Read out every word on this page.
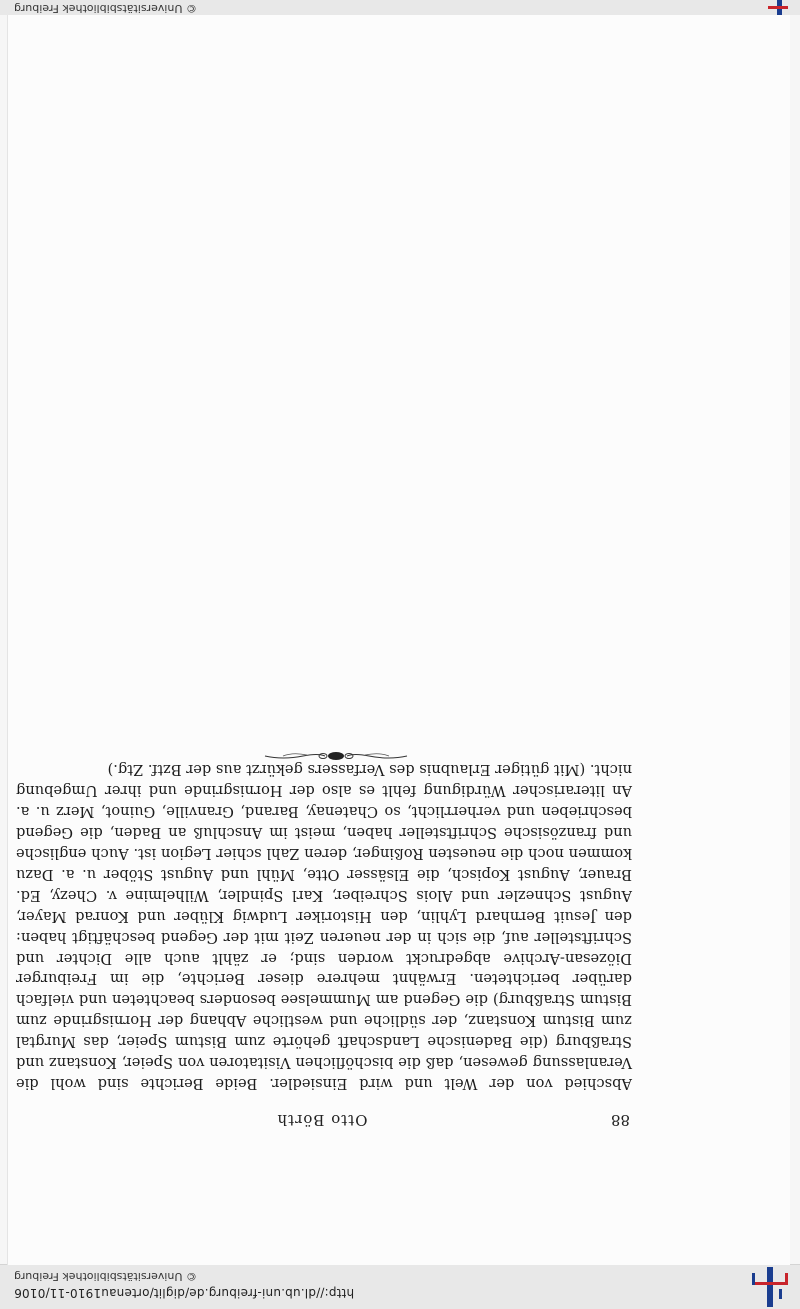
http://dl.ub.uni-freiburg.de/diglit/ortenau1910-11/0106
© Universitätsbibliothek Freiburg
88
Otto Börth

Abschied von der Welt und wird Einsiedler. Beide Berichte sind wohl die Veranlassung gewesen, daß die bischöflichen Visitatoren von Speier, Konstanz und Straßburg (die Badenische Landschaft gehörte zum Bistum Speier, das Murgtal zum Bistum Konstanz, der südliche und westliche Abhang der Hornisgrinde zum Bistum Straßburg) die Gegend am Mummelsee besonders beachteten und vielfach darüber berichteten. Erwähnt mehrere dieser Berichte, die im Freiburger Diözesan-Archive abgedruckt worden sind; er zählt auch alle Dichter und Schriftsteller auf, die sich in der neueren Zeit mit der Gegend beschäftigt haben: den Jesuit Bernhard Lyhlin, den Historiker Ludwig Klüber und Konrad Mayer, August Schnezler und Alois Schreiber, Karl Spindler, Wilhelmine v. Chezy, Ed. Brauer, August Kopisch, die Elsässer Otte, Mühl und August Stöber u. a. Dazu kommen noch die neuesten Roßinger, deren Zahl schier Legion ist. Auch englische und französische Schriftsteller haben, meist im Anschluß an Baden, die Gegend beschrieben und verherrlicht, so Chatenay, Barand, Granville, Guinot, Merz u. a. An literarischer Würdigung fehlt es also der Hornisgrinde und ihrer Umgebung nicht. (Mit gütiger Erlaubnis des Verfassers gekürzt aus der Bztf. Ztg.)

© Universitätsbibliothek Freiburg
